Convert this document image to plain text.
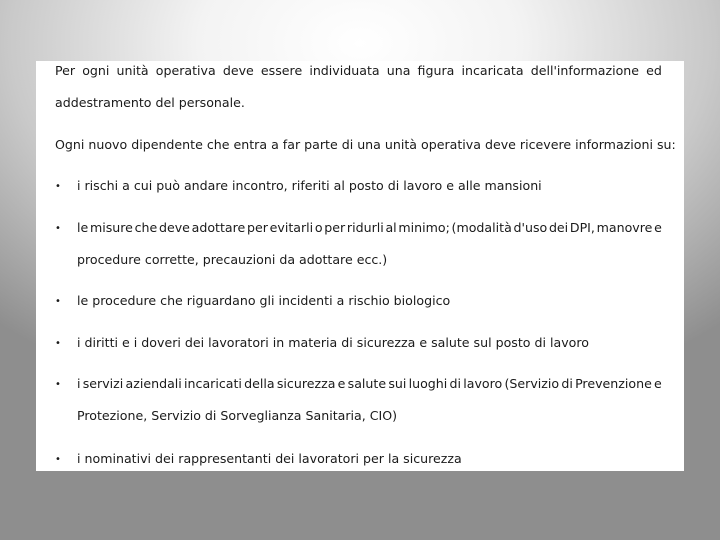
Per ogni unità operativa deve essere individuata una figura incaricata dell'informazione ed
addestramento del personale.
Ogni nuovo dipendente che entra a far parte di una unità operativa deve ricevere informazioni su:
• i rischi a cui può andare incontro, riferiti al posto di lavoro e alle mansioni
• le misure che deve adottare per evitarli o per ridurli al minimo; (modalità d'uso dei DPI, manovre e
procedure corrette, precauzioni da adottare ecc.)
• le procedure che riguardano gli incidenti a rischio biologico
• i diritti e i doveri dei lavoratori in materia di sicurezza e salute sul posto di lavoro
• i servizi aziendali incaricati della sicurezza e salute sui luoghi di lavoro (Servizio di Prevenzione e
Protezione, Servizio di Sorveglianza Sanitaria, CIO)
• i nominativi dei rappresentanti dei lavoratori per la sicurezza
